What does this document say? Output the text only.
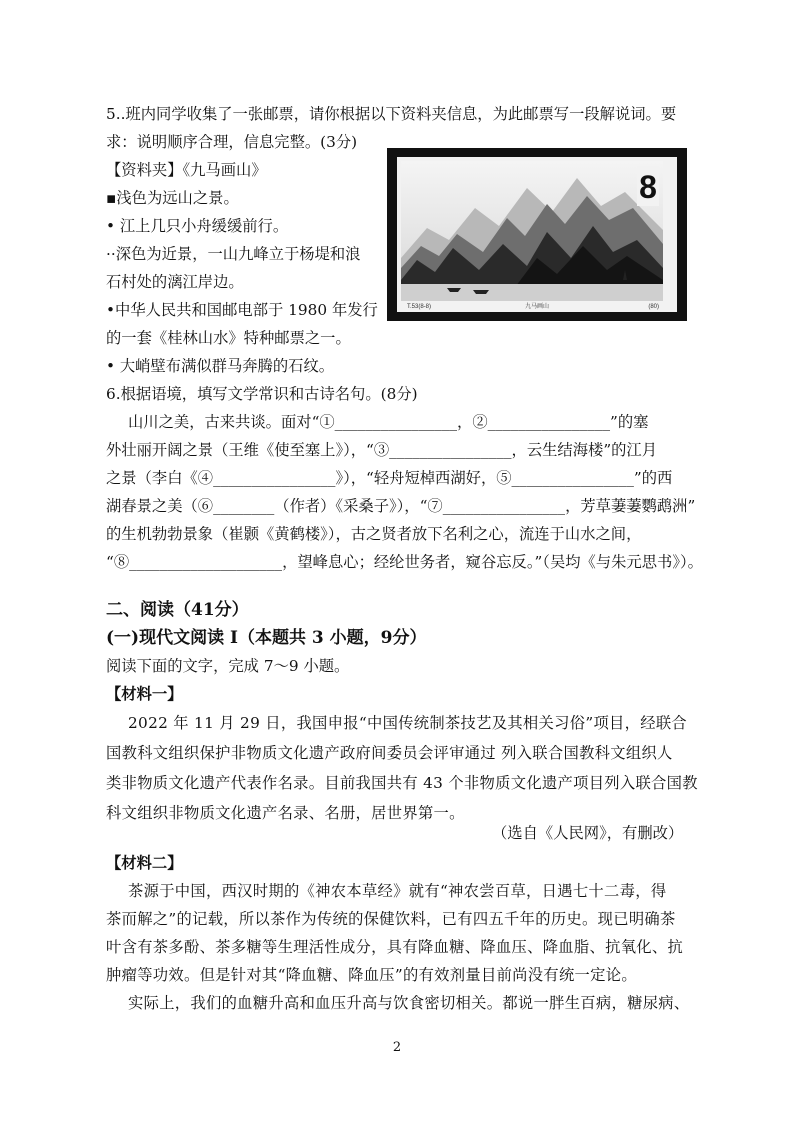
5..班内同学收集了一张邮票，请你根据以下资料夹信息，为此邮票写一段解说词。要
求：说明顺序合理，信息完整。(3分)
【资料夹】《九马画山》
▪浅色为远山之景。
• 江上几只小舟缓缓前行。
··深色为近景，一山九峰立于杨堤和浪
石村处的漓江岸边。
•中华人民共和国邮电部于 1980 年发行
的一套《桂林山水》特种邮票之一。
• 大峭壁布满似群马奔腾的石纹。
8
T.53(8-8)	九马画山	(80)
6.根据语境，填写文学常识和古诗名句。(8分)
山川之美，古来共谈。面对“①________________，②________________”的塞
外壮丽开阔之景（王维《使至塞上》），“③________________，云生结海楼”的江月
之景（李白《④________________》），“轻舟短棹西湖好，⑤________________”的西
湖春景之美（⑥________（作者）《采桑子》），“⑦________________，芳草萋萋鹦鹉洲”
的生机勃勃景象（崔颢《黄鹤楼》），古之贤者放下名利之心，流连于山水之间，
“⑧____________________，望峰息心；经纶世务者，窥谷忘反。”（吴均《与朱元思书》）。
二、阅读（41分）
(一)现代文阅读 I（本题共 3 小题，9分）
阅读下面的文字，完成 7～9 小题。
【材料一】
2022 年 11 月 29 日，我国申报“中国传统制茶技艺及其相关习俗”项目，经联合
国教科文组织保护非物质文化遗产政府间委员会评审通过 列入联合国教科文组织人
类非物质文化遗产代表作名录。目前我国共有 43 个非物质文化遗产项目列入联合国教
科文组织非物质文化遗产名录、名册，居世界第一。
（选自《人民网》，有删改）
【材料二】
茶源于中国，西汉时期的《神农本草经》就有“神农尝百草，日遇七十二毒，得
茶而解之”的记载，所以茶作为传统的保健饮料，已有四五千年的历史。现已明确茶
叶含有茶多酚、茶多糖等生理活性成分，具有降血糖、降血压、降血脂、抗氧化、抗
肿瘤等功效。但是针对其“降血糖、降血压”的有效剂量目前尚没有统一定论。
实际上，我们的血糖升高和血压升高与饮食密切相关。都说一胖生百病，糖尿病、
2
